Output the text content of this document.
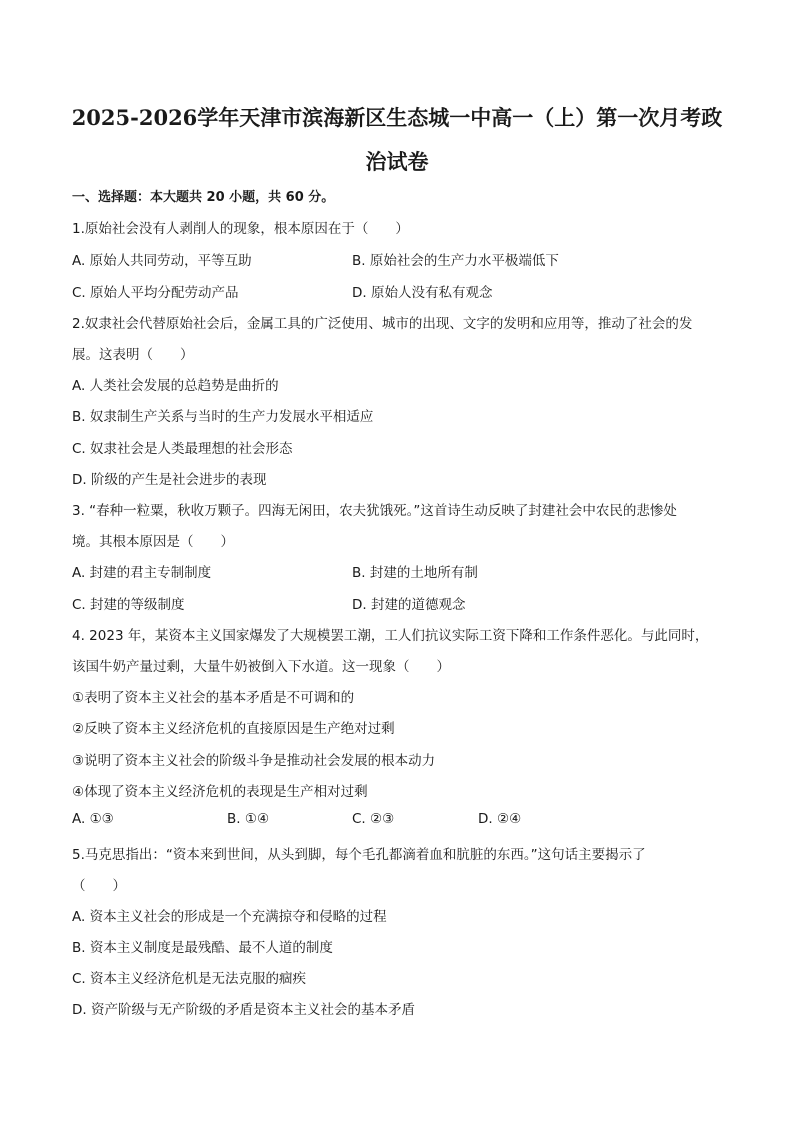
2025-2026学年天津市滨海新区生态城一中高一（上）第一次月考政
治试卷
一、选择题：本大题共 20 小题，共 60 分。
1.原始社会没有人剥削人的现象，根本原因在于（　　）
A. 原始人共同劳动，平等互助	B. 原始社会的生产力水平极端低下
C. 原始人平均分配劳动产品	D. 原始人没有私有观念
2.奴隶社会代替原始社会后，金属工具的广泛使用、城市的出现、文字的发明和应用等，推动了社会的发
展。这表明（　　）
A. 人类社会发展的总趋势是曲折的
B. 奴隶制生产关系与当时的生产力发展水平相适应
C. 奴隶社会是人类最理想的社会形态
D. 阶级的产生是社会进步的表现
3. “春种一粒粟，秋收万颗子。四海无闲田，农夫犹饿死。”这首诗生动反映了封建社会中农民的悲惨处
境。其根本原因是（　　）
A. 封建的君主专制制度	B. 封建的土地所有制
C. 封建的等级制度	D. 封建的道德观念
4. 2023 年，某资本主义国家爆发了大规模罢工潮，工人们抗议实际工资下降和工作条件恶化。与此同时，
该国牛奶产量过剩，大量牛奶被倒入下水道。这一现象（　　）
①表明了资本主义社会的基本矛盾是不可调和的
②反映了资本主义经济危机的直接原因是生产绝对过剩
③说明了资本主义社会的阶级斗争是推动社会发展的根本动力
④体现了资本主义经济危机的表现是生产相对过剩
A. ①③	B. ①④	C. ②③	D. ②④
5.马克思指出：“资本来到世间，从头到脚，每个毛孔都滴着血和肮脏的东西。”这句话主要揭示了
（　　）
A. 资本主义社会的形成是一个充满掠夺和侵略的过程
B. 资本主义制度是最残酷、最不人道的制度
C. 资本主义经济危机是无法克服的痼疾
D. 资产阶级与无产阶级的矛盾是资本主义社会的基本矛盾
